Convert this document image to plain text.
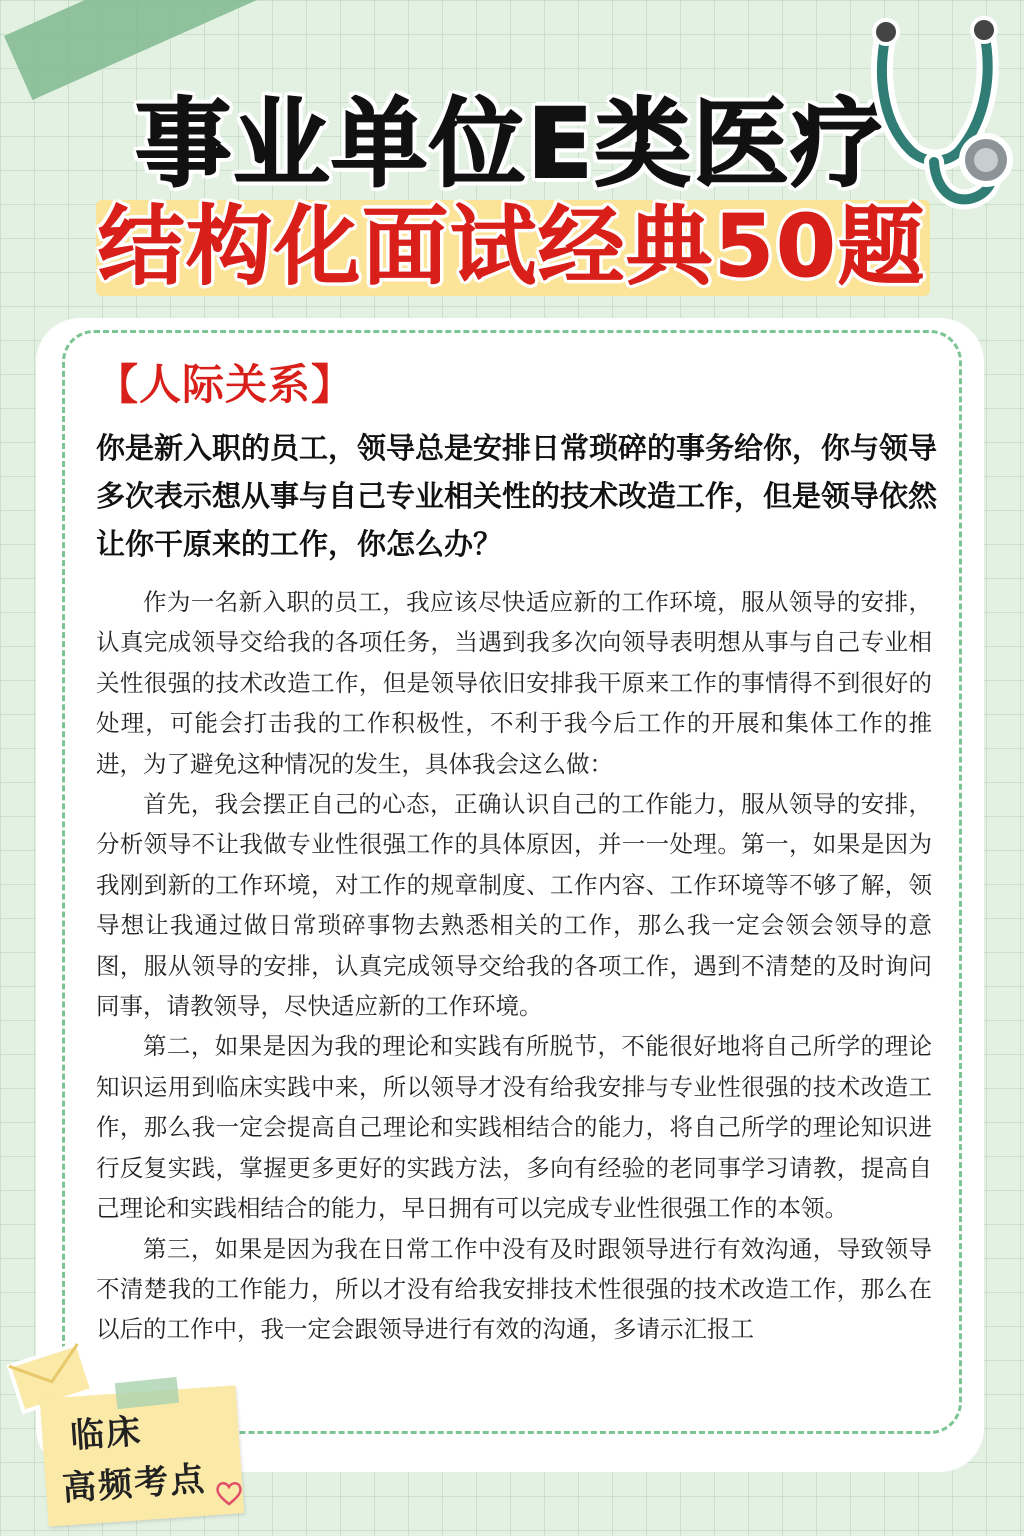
事业单位E类医疗
结构化面试经典50题
【人际关系】
你是新入职的员工，领导总是安排日常琐碎的事务给你，你与领导多次表示想从事与自己专业相关性的技术改造工作，但是领导依然让你干原来的工作，你怎么办？

作为一名新入职的员工，我应该尽快适应新的工作环境，服从领导的安排，认真完成领导交给我的各项任务，当遇到我多次向领导表明想从事与自己专业相关性很强的技术改造工作，但是领导依旧安排我干原来工作的事情得不到很好的处理，可能会打击我的工作积极性，不利于我今后工作的开展和集体工作的推进，为了避免这种情况的发生，具体我会这么做：

首先，我会摆正自己的心态，正确认识自己的工作能力，服从领导的安排，分析领导不让我做专业性很强工作的具体原因，并一一处理。第一，如果是因为我刚到新的工作环境，对工作的规章制度、工作内容、工作环境等不够了解，领导想让我通过做日常琐碎事物去熟悉相关的工作，那么我一定会领会领导的意图，服从领导的安排，认真完成领导交给我的各项工作，遇到不清楚的及时询问同事，请教领导，尽快适应新的工作环境。

第二，如果是因为我的理论和实践有所脱节，不能很好地将自己所学的理论知识运用到临床实践中来，所以领导才没有给我安排与专业性很强的技术改造工作，那么我一定会提高自己理论和实践相结合的能力，将自己所学的理论知识进行反复实践，掌握更多更好的实践方法，多向有经验的老同事学习请教，提高自己理论和实践相结合的能力，早日拥有可以完成专业性很强工作的本领。

第三，如果是因为我在日常工作中没有及时跟领导进行有效沟通，导致领导不清楚我的工作能力，所以才没有给我安排技术性很强的技术改造工作，那么在以后的工作中，我一定会跟领导进行有效的沟通，多请示汇报工

临床
高频考点
